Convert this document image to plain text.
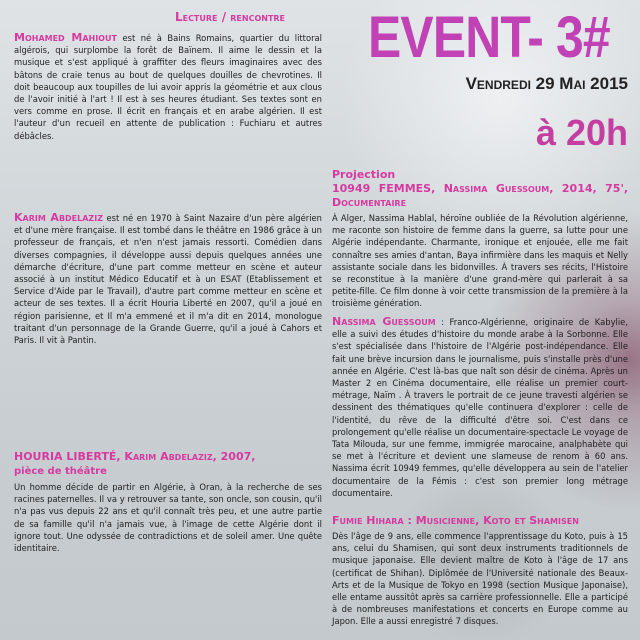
Lecture / rencontre	EVENT- 3#
Vendredi 29 Mai 2015
à 20h

Mohamed Mahiout est né à Bains Romains, quartier du littoral algérois, qui surplombe la forêt de Baïnem. Il aime le dessin et la musique et s'est appliqué à graffiter des fleurs imaginaires avec des bâtons de craie tenus au bout de quelques douilles de chevrotines. Il doit beaucoup aux toupilles de lui avoir appris la géométrie et aux clous de l'avoir initié à l'art ! Il est à ses heures étudiant. Ses textes sont en vers comme en prose. Il écrit en français et en arabe algérien. Il est l'auteur d'un recueil en attente de publication : Fuchiaru et autres débâcles.

Karim Abdelaziz est né en 1970 à Saint Nazaire d'un père algérien et d'une mère française. Il est tombé dans le théâtre en 1986 grâce à un professeur de français, et n'en n'est jamais ressorti. Comédien dans diverses compagnies, il développe aussi depuis quelques années une démarche d'écriture, d'une part comme metteur en scène et auteur associé à un institut Médico Educatif et à un ESAT (Etablissement et Service d'Aide par le Travail), d'autre part comme metteur en scène et acteur de ses textes. Il a écrit Houria Liberté en 2007, qu'il a joué en région parisienne, et Il m'a emmené et il m'a dit en 2014, monologue traitant d'un personnage de la Grande Guerre, qu'il a joué à Cahors et Paris. Il vit à Pantin.

HOURIA LIBERTÉ, Karim Abdelaziz, 2007,

pièce de théâtre

Un homme décide de partir en Algérie, à Oran, à la recherche de ses racines paternelles. Il va y retrouver sa tante, son oncle, son cousin, qu'il n'a pas vus depuis 22 ans et qu'il connaît très peu, et une autre partie de sa famille qu'il n'a jamais vue, à l'image de cette Algérie dont il ignore tout. Une odyssée de contradictions et de soleil amer. Une quête identitaire.

Projection

10949 FEMMES, Nassima Guessoum, 2014, 75', Documentaire

À Alger, Nassima Hablal, héroïne oubliée de la Révolution algérienne, me raconte son histoire de femme dans la guerre, sa lutte pour une Algérie indépendante. Charmante, ironique et enjouée, elle me fait connaître ses amies d'antan, Baya infirmière dans les maquis et Nelly assistante sociale dans les bidonvilles. À travers ses récits, l'Histoire se reconstitue à la manière d'une grand-mère qui parlerait à sa petite-fille. Ce film donne à voir cette transmission de la première à la troisième génération.

Nassima Guessoum : Franco-Algérienne, originaire de Kabylie, elle a suivi des études d'histoire du monde arabe à la Sorbonne. Elle s'est spécialisée dans l'histoire de l'Algérie post-indépendance. Elle fait une brève incursion dans le journalisme, puis s'installe près d'une année en Algérie. C'est là-bas que naît son désir de cinéma. Après un Master 2 en Cinéma documentaire, elle réalise un premier court-métrage, Naïm . À travers le portrait de ce jeune travesti algérien se dessinent des thématiques qu'elle continuera d'explorer : celle de l'identité, du rêve de la difficulté d'être soi. C'est dans ce prolongement qu'elle réalise un documentaire-spectacle Le voyage de Tata Milouda, sur une femme, immigrée marocaine, analphabète qui se met à l'écriture et devient une slameuse de renom à 60 ans. Nassima écrit 10949 femmes, qu'elle développera au sein de l'atelier documentaire de la Fémis : c'est son premier long métrage documentaire.

Fumie Hihara : Musicienne, Koto et Shamisen

Dès l'âge de 9 ans, elle commence l'apprentissage du Koto, puis à 15 ans, celui du Shamisen, qui sont deux instruments traditionnels de musique japonaise. Elle devient maître de Koto à l'âge de 17 ans (certificat de Shihan). Diplômée de l'Université nationale des Beaux-Arts et de la Musique de Tokyo en 1998 (section Musique Japonaise), elle entame aussitôt après sa carrière professionnelle. Elle a participé à de nombreuses manifestations et concerts en Europe comme au Japon. Elle a aussi enregistré 7 disques.
